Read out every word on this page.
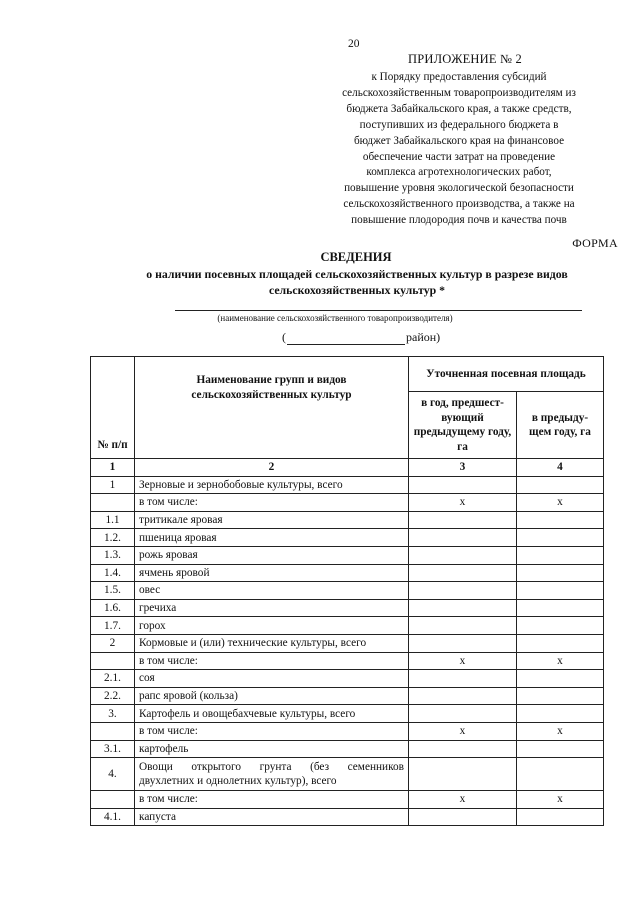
20
ПРИЛОЖЕНИЕ № 2
к Порядку предоставления субсидий
сельскохозяйственным товаропроизводителям из
бюджета Забайкальского края, а также средств,
поступивших из федерального бюджета в
бюджет Забайкальского края на финансовое
обеспечение части затрат на проведение
комплекса агротехнологических работ,
повышение уровня экологической безопасности
сельскохозяйственного производства, а также на
повышение плодородия почв и качества почв
ФОРМА
СВЕДЕНИЯ
о наличии посевных площадей сельскохозяйственных культур в разрезе видов
сельскохозяйственных культур *
(наименование сельскохозяйственного товаропроизводителя)
(	район)
№ п/п	Наименование групп и видов сельскохозяйственных культур	Уточненная посевная площадь	
		в год, предшест-вующий предыдущему году, га	в предыду-щем году, га
1	2	3	4
1	Зерновые и зернобобовые культуры, всего		
	в том числе:	х	х
1.1	тритикале яровая		
1.2.	пшеница яровая		
1.3.	рожь яровая		
1.4.	ячмень яровой		
1.5.	овес		
1.6.	гречиха		
1.7.	горох		
2	Кормовые и (или) технические культуры, всего		
	в том числе:	х	х
2.1.	соя		
2.2.	рапс яровой (кольза)		
3.	Картофель и овощебахчевые культуры, всего		
	в том числе:	х	х
3.1.	картофель		
4.	Овощи открытого грунта (без семенников
двухлетних и однолетних культур), всего		

	в том числе:	х	х
4.1.	капуста		
